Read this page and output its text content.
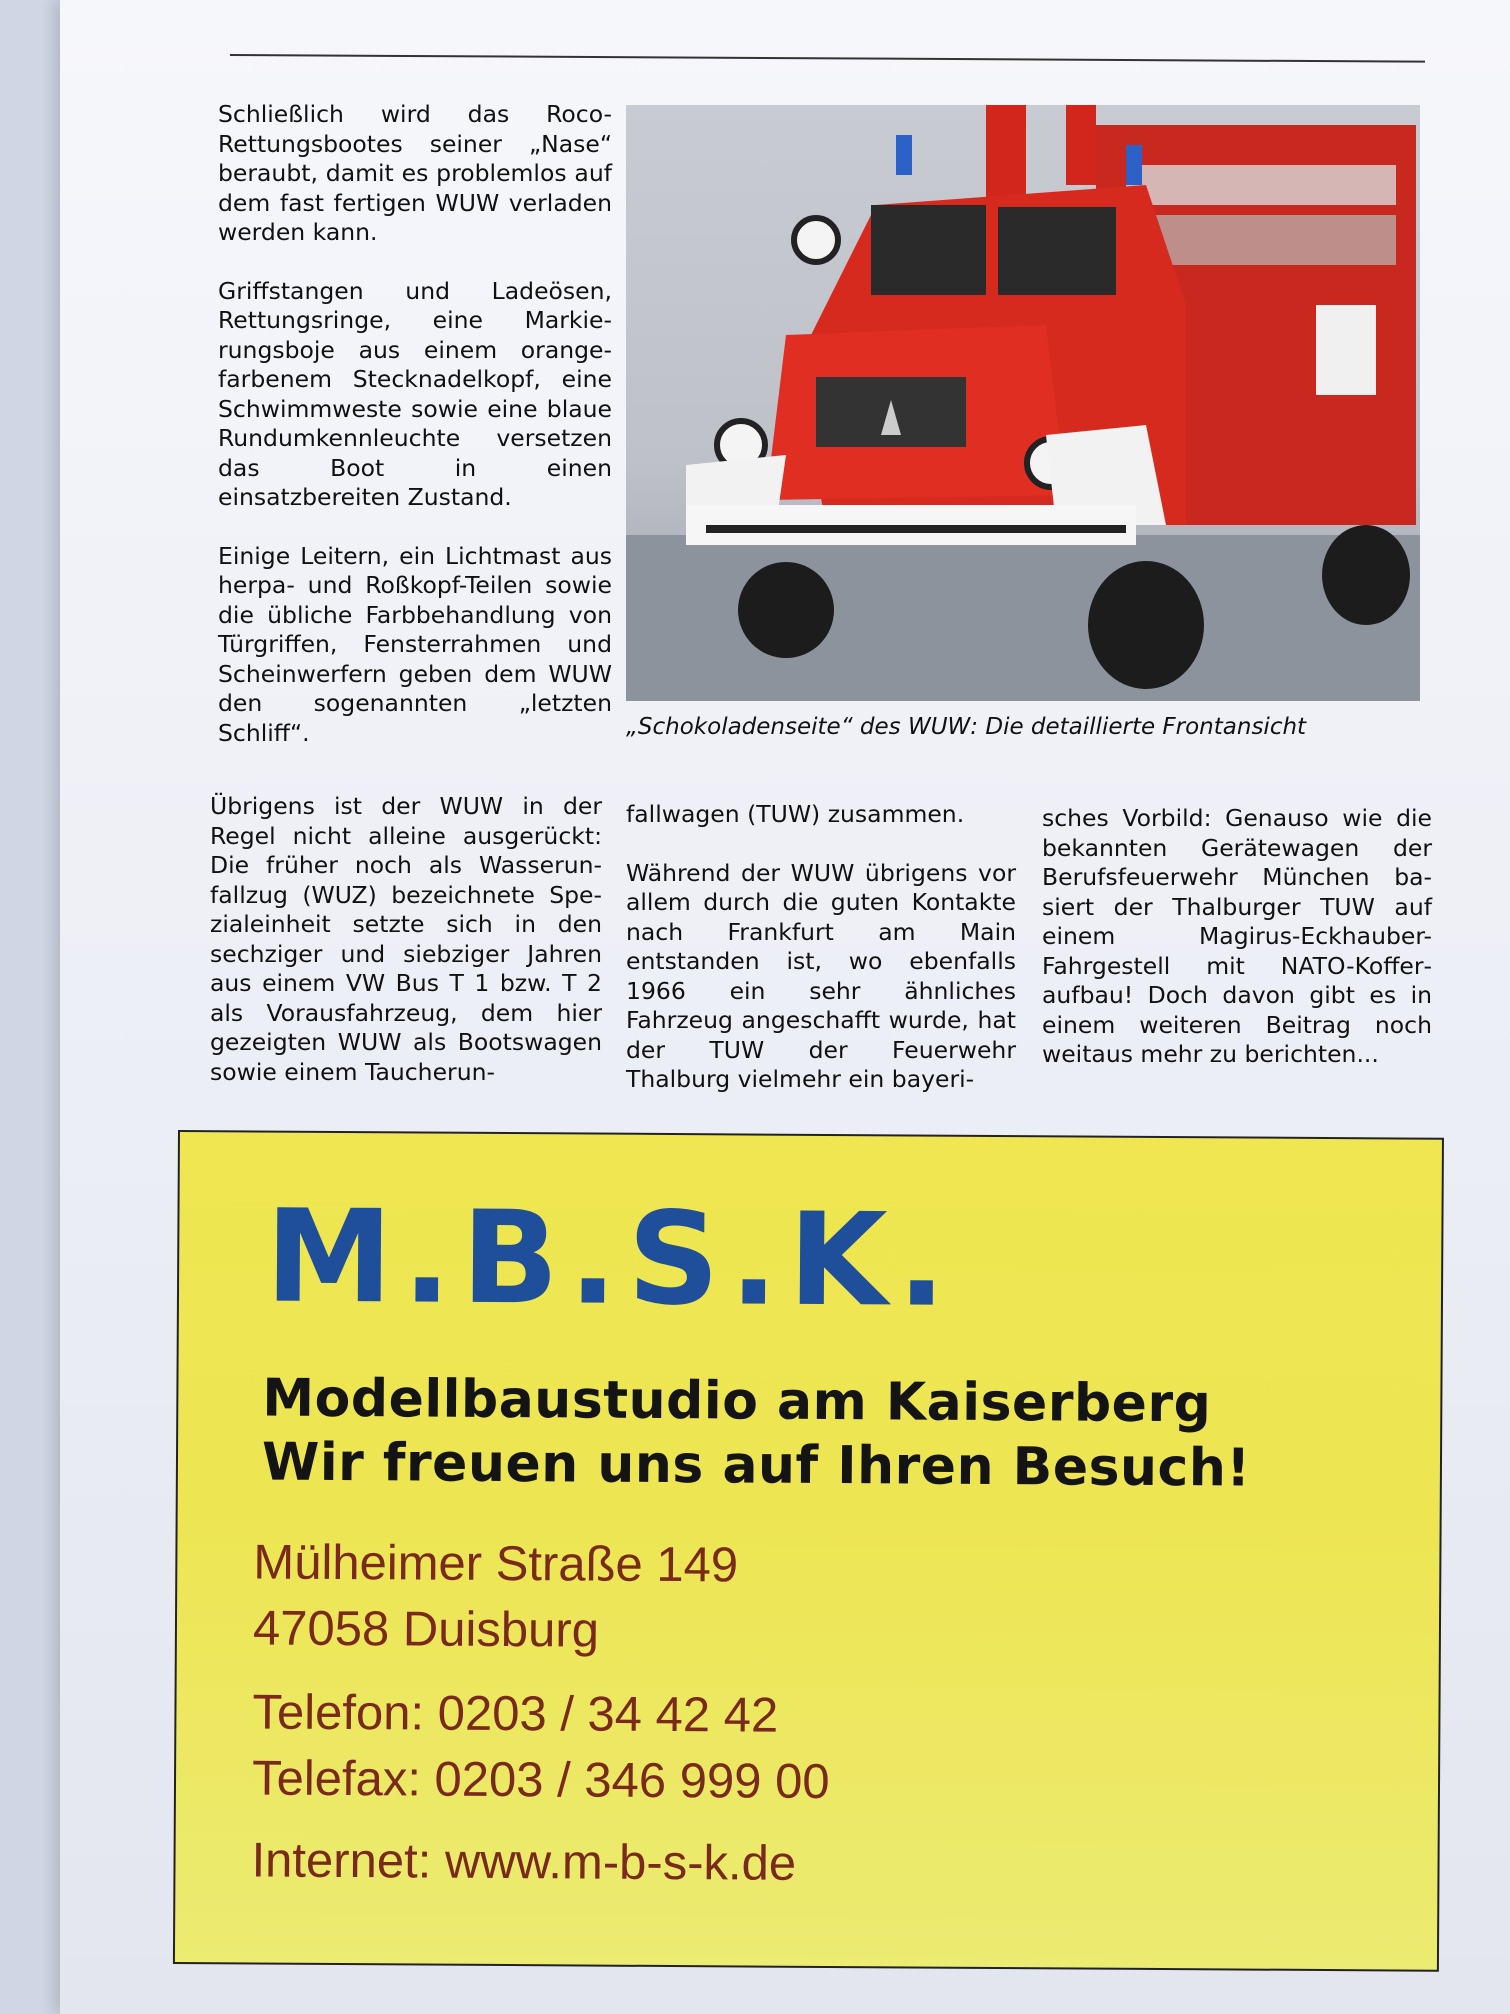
Schließlich wird das Roco-Rettungsbootes seiner „Nase“ beraubt, damit es problemlos auf dem fast fertigen WUW verladen werden kann.

Griffstangen und Ladeösen, Rettungsringe, eine Markierungsboje aus einem orangefarbenem Stecknadelkopf, eine Schwimmweste sowie eine blaue Rundumkennleuchte versetzen das Boot in einen einsatzbereiten Zustand.

Einige Leitern, ein Lichtmast aus herpa- und Roßkopf-Teilen sowie die übliche Farbbehandlung von Türgriffen, Fensterrahmen und Scheinwerfern geben dem WUW den sogenannten „letzten Schliff“.

Übrigens ist der WUW in der Regel nicht alleine ausgerückt: Die früher noch als Wasserunfallzug (WUZ) bezeichnete Spezialeinheit setzte sich in den sechziger und siebziger Jahren aus einem VW Bus T 1 bzw. T 2 als Vorausfahrzeug, dem hier gezeigten WUW als Bootswagen sowie einem Taucherun-

fallwagen (TUW) zusammen.

Während der WUW übrigens vor allem durch die guten Kontakte nach Frankfurt am Main entstanden ist, wo ebenfalls 1966 ein sehr ähnliches Fahrzeug angeschafft wurde, hat der TUW der Feuerwehr Thalburg vielmehr ein bayeri-

sches Vorbild: Genauso wie die bekannten Gerätewagen der Berufsfeuerwehr München basiert der Thalburger TUW auf einem Magirus-Eckhauber-Fahrgestell mit NATO-Kofferaufbau! Doch davon gibt es in einem weiteren Beitrag noch weitaus mehr zu berichten...

„Schokoladenseite“ des WUW: Die detaillierte Frontansicht
M.B.S.K.
Modellbaustudio am Kaiserberg
Wir freuen uns auf Ihren Besuch!
Mülheimer Straße 149
47058 Duisburg
Telefon: 0203 / 34 42 42
Telefax: 0203 / 346 999 00
Internet: www.m-b-s-k.de
